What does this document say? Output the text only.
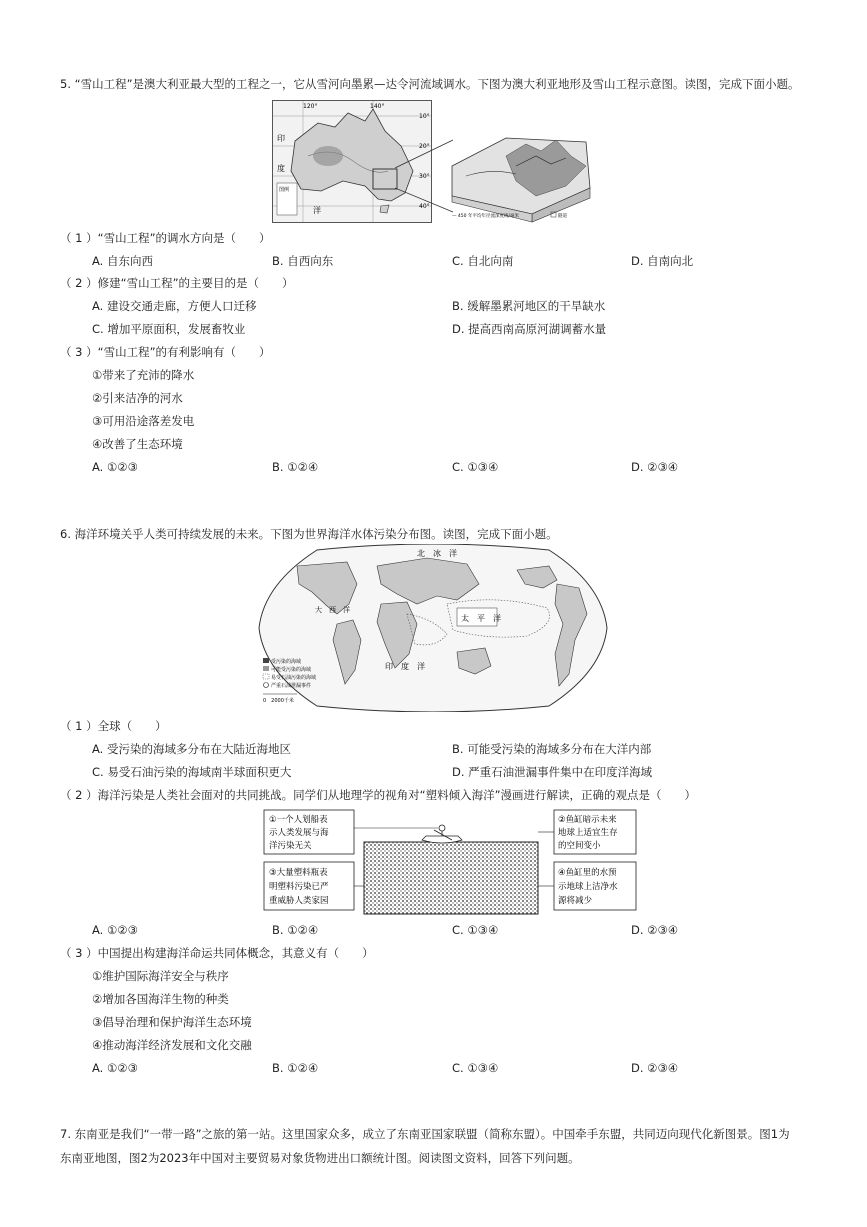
5. “雪山工程”是澳大利亚最大型的工程之一，它从雪河向墨累—达令河流域调水。下图为澳大利亚地形及雪山工程示意图。读图，完成下面小题。
120°	140°
10°
20°
30°
40°
印
度
洋
图例
— 450 年平均年径流深度线/毫米	隧道
（ 1 ）“雪山工程”的调水方向是（　　）
A. 自东向西	B. 自西向东	C. 自北向南	D. 自南向北
（ 2 ）修建“雪山工程”的主要目的是（　　）
A. 建设交通走廊，方便人口迁移	B. 缓解墨累河地区的干旱缺水
C. 增加平原面积，发展畜牧业	D. 提高西南高原河湖调蓄水量
（ 3 ）“雪山工程”的有利影响有（　　）
①带来了充沛的降水
②引来洁净的河水
③可用沿途落差发电
④改善了生态环境
A. ①②③	B. ①②④	C. ①③④	D. ②③④
6. 海洋环境关乎人类可持续发展的未来。下图为世界海洋水体污染分布图。读图，完成下面小题。
北　冰　洋
太　平　洋
印　度　洋
大　西　洋
受污染的海域
可能受污染的海域
易受石油污染的海域
严重石油泄漏事件
0　2000千米
（ 1 ）全球（　　）
A. 受污染的海域多分布在大陆近海地区	B. 可能受污染的海域多分布在大洋内部
C. 易受石油污染的海域南半球面积更大	D. 严重石油泄漏事件集中在印度洋海域
（ 2 ）海洋污染是人类社会面对的共同挑战。同学们从地理学的视角对“塑料倾入海洋”漫画进行解读，正确的观点是（　　）
①一个人划船表
示人类发展与海
洋污染无关
③大量塑料瓶表
明塑料污染已严
重威胁人类家园
②鱼缸暗示未来
地球上适宜生存
的空间变小
④鱼缸里的水预
示地球上洁净水
源将减少
A. ①②③	B. ①②④	C. ①③④	D. ②③④
（ 3 ）中国提出构建海洋命运共同体概念，其意义有（　　）
①维护国际海洋安全与秩序
②增加各国海洋生物的种类
③倡导治理和保护海洋生态环境
④推动海洋经济发展和文化交融
A. ①②③	B. ①②④	C. ①③④	D. ②③④
7. 东南亚是我们“一带一路”之旅的第一站。这里国家众多，成立了东南亚国家联盟（简称东盟）。中国牵手东盟，共同迈向现代化新图景。图1为
东南亚地图，图2为2023年中国对主要贸易对象货物进出口额统计图。阅读图文资料，回答下列问题。
